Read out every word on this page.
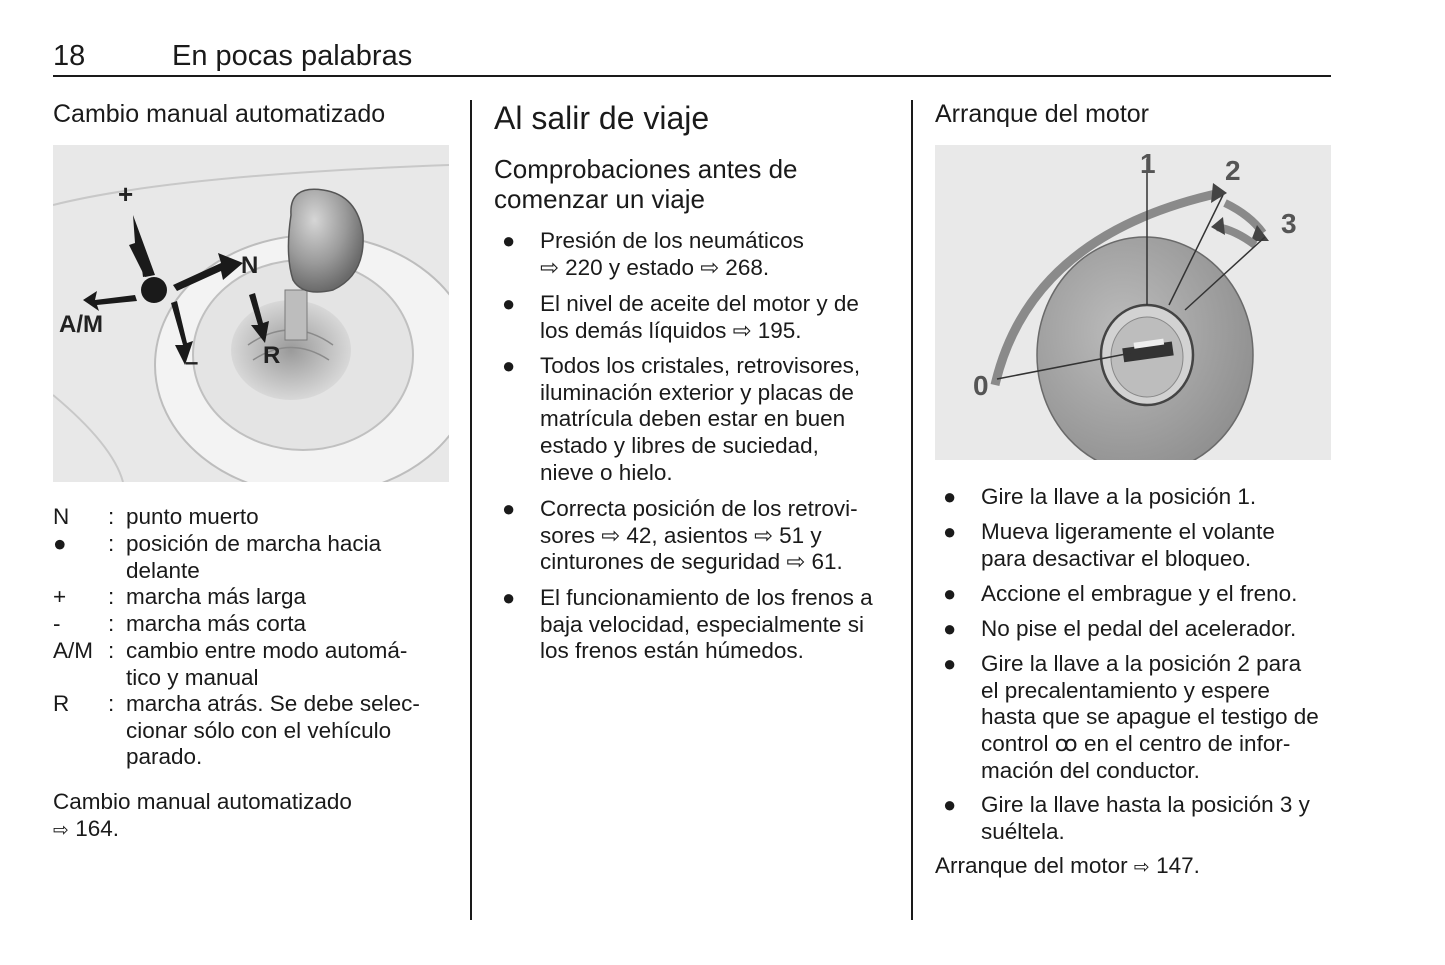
18	En pocas palabras
Cambio manual automatizado
+
N
A/M
–	R
N : punto muerto
● : posición de marcha hacia
delante
+ : marcha más larga
- : marcha más corta
A/M : cambio entre modo automá-
tico y manual
R : marcha atrás. Se debe selec-
cionar sólo con el vehículo
parado.
Cambio manual automatizado
⇨ 164.
Al salir de viaje
Comprobaciones antes de
comenzar un viaje
● Presión de los neumáticos
⇨ 220 y estado ⇨ 268.
● El nivel de aceite del motor y de
los demás líquidos ⇨ 195.
● Todos los cristales, retrovisores,
iluminación exterior y placas de
matrícula deben estar en buen
estado y libres de suciedad,
nieve o hielo.
● Correcta posición de los retrovi-
sores ⇨ 42, asientos ⇨ 51 y
cinturones de seguridad ⇨ 61.
● El funcionamiento de los frenos a
baja velocidad, especialmente si
los frenos están húmedos.
Arranque del motor
0
1 2
3
● Gire la llave a la posición 1.
● Mueva ligeramente el volante
para desactivar el bloqueo.
● Accione el embrague y el freno.
● No pise el pedal del acelerador.
● Gire la llave a la posición 2 para
el precalentamiento y espere
hasta que se apague el testigo de
control ꝏ en el centro de infor-
mación del conductor.
● Gire la llave hasta la posición 3 y
suéltela.
Arranque del motor ⇨ 147.
